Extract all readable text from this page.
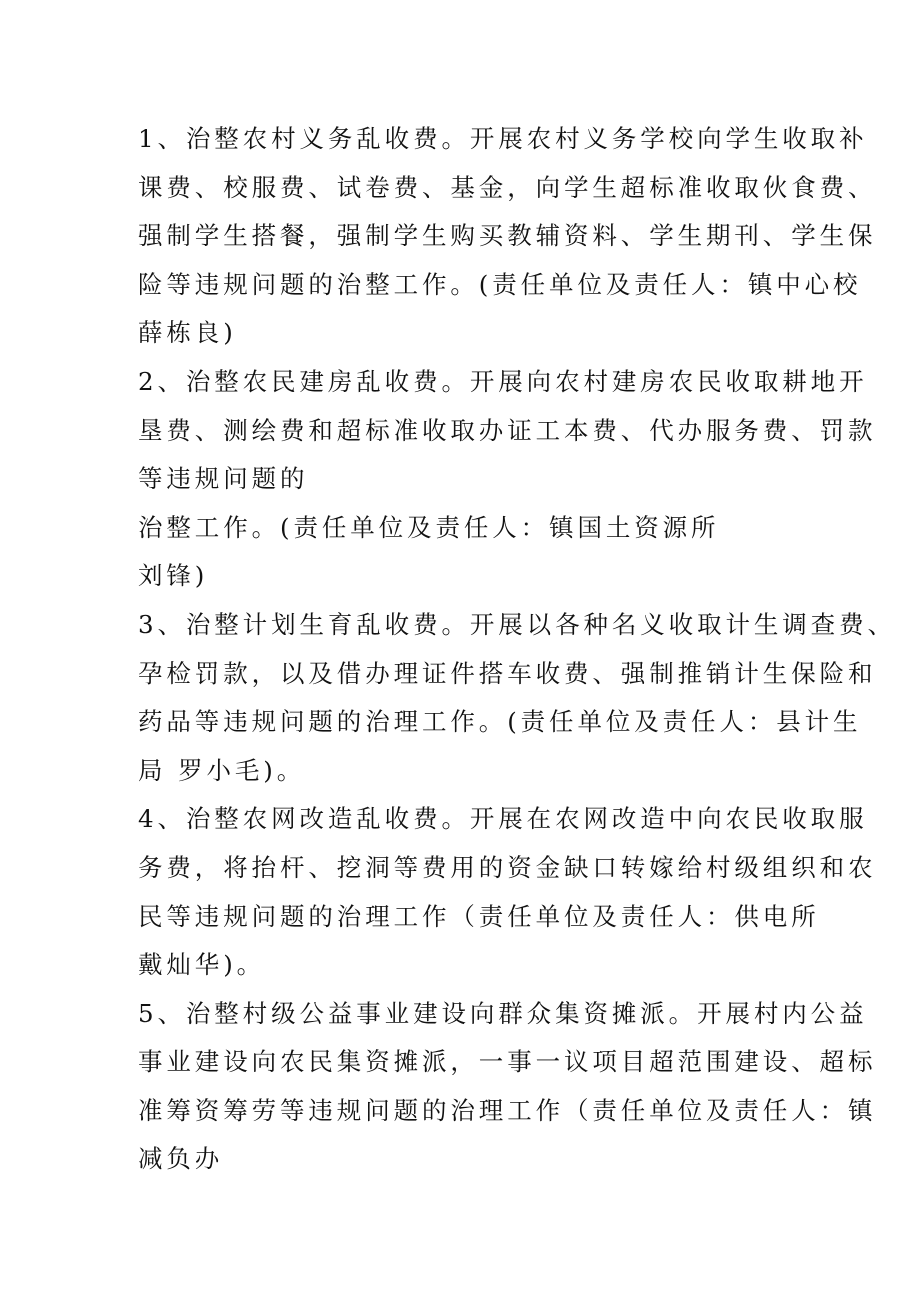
1、治整农村义务乱收费。开展农村义务学校向学生收取补
课费、校服费、试卷费、基金，向学生超标准收取伙食费、
强制学生搭餐，强制学生购买教辅资料、学生期刊、学生保
险等违规问题的治整工作。(责任单位及责任人：镇中心校
薛栋良)
2、治整农民建房乱收费。开展向农村建房农民收取耕地开
垦费、测绘费和超标准收取办证工本费、代办服务费、罚款
等违规问题的
治整工作。(责任单位及责任人：镇国土资源所
刘锋)
3、治整计划生育乱收费。开展以各种名义收取计生调查费、
孕检罚款，以及借办理证件搭车收费、强制推销计生保险和
药品等违规问题的治理工作。(责任单位及责任人：县计生
局 罗小毛)。
4、治整农网改造乱收费。开展在农网改造中向农民收取服
务费，将抬杆、挖洞等费用的资金缺口转嫁给村级组织和农
民等违规问题的治理工作（责任单位及责任人：供电所
戴灿华)。
5、治整村级公益事业建设向群众集资摊派。开展村内公益
事业建设向农民集资摊派，一事一议项目超范围建设、超标
准筹资筹劳等违规问题的治理工作（责任单位及责任人：镇
减负办
